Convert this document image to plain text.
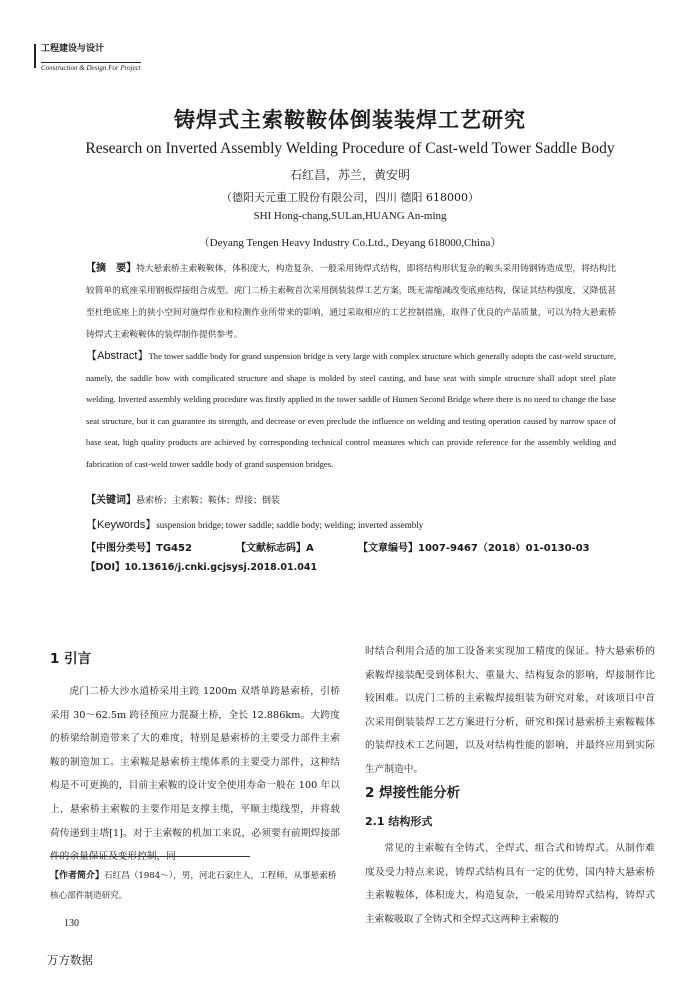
工程建设与设计
Construction & Design For Project
铸焊式主索鞍鞍体倒装装焊工艺研究
Research on Inverted Assembly Welding Procedure of Cast-weld Tower Saddle Body
石红昌，苏兰，黄安明
（德阳天元重工股份有限公司，四川 德阳 618000）
SHI Hong-chang,SULan,HUANG An-ming
（Deyang Tengen Heavy Industry Co.Ltd., Deyang 618000,China）
【摘　要】特大悬索桥主索鞍鞍体，体积庞大，构造复杂，一般采用铸焊式结构，即将结构形状复杂的鞍头采用铸钢铸造成型，将结构比较简单的底座采用钢板焊接组合成型。虎门二桥主索鞍首次采用倒装装焊工艺方案，既无需缩减改变底座结构，保证其结构强度，又降低甚至杜绝底座上的狭小空间对施焊作业和检测作业所带来的影响，通过采取相应的工艺控制措施，取得了优良的产品质量，可以为特大悬索桥铸焊式主索鞍鞍体的装焊制作提供参考。
【Abstract】The tower saddle body for grand suspension bridge is very large with complex structure which generally adopts the cast-weld structure, namely, the saddle bow with complicated structure and shape is molded by steel casting, and base seat with simple structure shall adopt steel plate welding. Inverted assembly welding procedure was firstly applied in the tower saddle of Humen Second Bridge where there is no need to change the base seat structure, but it can guarantee its strength, and decrease or even preclude the influence on welding and testing operation caused by narrow space of base seat, high quality products are achieved by corresponding technical control measures which can provide reference for the assembly welding and fabrication of cast-weld tower saddle body of grand suspension bridges.
【关键词】悬索桥；主索鞍；鞍体；焊接；倒装
【Keywords】suspension bridge; tower saddle; saddle body; welding; inverted assembly
【中图分类号】TG452	【文献标志码】A	【文章编号】1007-9467（2018）01-0130-03
【DOI】10.13616/j.cnki.gcjsysj.2018.01.041
1 引言
虎门二桥大沙水道桥采用主跨 1200m 双塔单跨悬索桥，引桥采用 30～62.5m 跨径预应力混凝土桥，全长 12.886km。大跨度的桥梁给制造带来了大的难度，特别是悬索桥的主要受力部件主索鞍的制造加工。主索鞍是悬索桥主缆体系的主要受力部件，这种结构是不可更换的，目前主索鞍的设计安全使用寿命一般在 100 年以上，悬索桥主索鞍的主要作用是支撑主缆，平顺主缆线型，并将载荷传递到主塔[1]。对于主索鞍的机加工来说，必须要有前期焊接部件的余量保证及变形控制，同
【作者简介】石红昌（1984～），男，河北石家庄人，工程师，从事悬索桥核心部件制造研究。
130
万方数据
时结合利用合适的加工设备来实现加工精度的保证。特大悬索桥的索鞍焊接装配受到体积大、重量大、结构复杂的影响，焊接制作比较困难。以虎门二桥的主索鞍焊接组装为研究对象，对该项目中首次采用倒装装焊工艺方案进行分析，研究和探讨悬索桥主索鞍鞍体的装焊技术工艺问题，以及对结构性能的影响，并最终应用到实际生产制造中。
2 焊接性能分析
2.1 结构形式
常见的主索鞍有全铸式、全焊式、组合式和铸焊式。从制作难度及受力特点来说，铸焊式结构具有一定的优势，国内特大悬索桥主索鞍鞍体，体积庞大，构造复杂，一般采用铸焊式结构，铸焊式主索鞍吸取了全铸式和全焊式这两种主索鞍的
